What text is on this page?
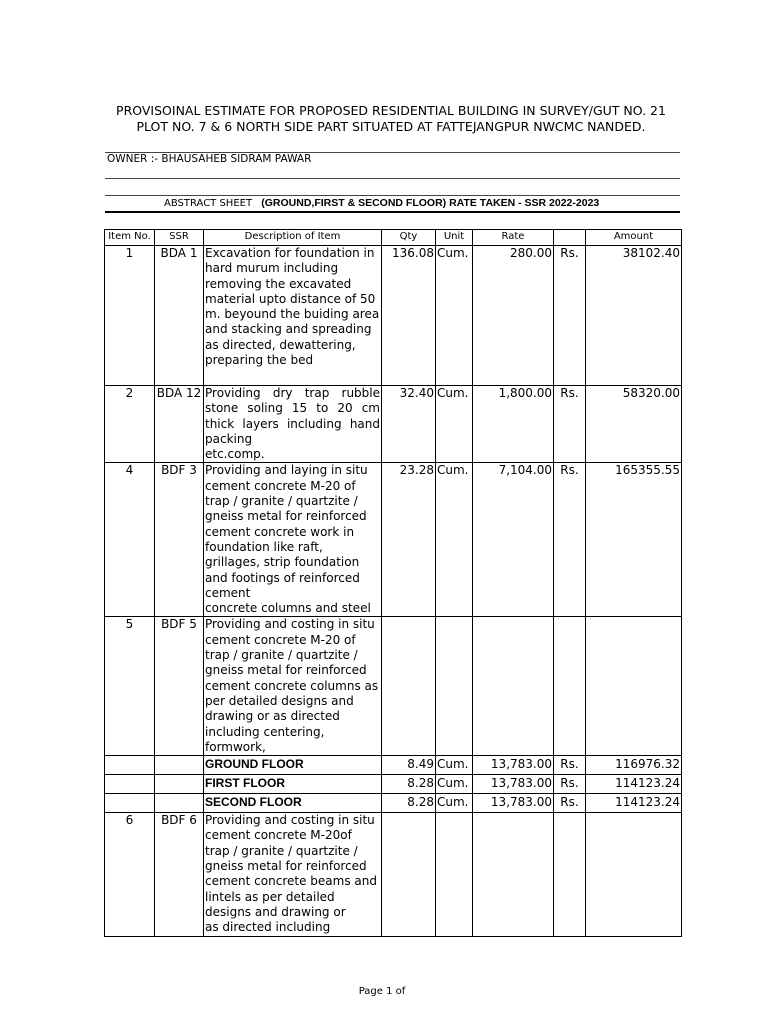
PROVISOINAL ESTIMATE FOR PROPOSED RESIDENTIAL BUILDING IN SURVEY/GUT NO. 21
PLOT NO. 7 & 6 NORTH SIDE PART SITUATED AT FATTEJANGPUR NWCMC NANDED.
OWNER :- BHAUSAHEB SIDRAM PAWAR
ABSTRACT SHEET (GROUND,FIRST & SECOND FLOOR) RATE TAKEN - SSR 2022-2023
Item No.	SSR	Description of Item	Qty	Unit	Rate		Amount
1	BDA 1	Excavation for foundation in hard murum including removing the excavated material upto distance of 50 m. beyound the buiding area and stacking and spreading as directed, dewattering, preparing the bed	136.08	Cum.	280.00	Rs.	38102.40
2	BDA 12	Providing dry trap rubble stone soling 15 to 20 cm thick layers including hand packing
etc.comp.	32.40	Cum.	1,800.00	Rs.	58320.00
4	BDF 3	Providing and laying in situ cement concrete M-20 of trap / granite / quartzite / gneiss metal for reinforced cement concrete work in foundation like raft, grillages, strip foundation and footings of reinforced cement
concrete columns and steel	23.28	Cum.	7,104.00	Rs.	165355.55
5	BDF 5	Providing and costing in situ cement concrete M-20 of trap / granite / quartzite / gneiss metal for reinforced cement concrete columns as per detailed designs and drawing or as directed including centering, formwork,					
		GROUND FLOOR	8.49	Cum.	13,783.00	Rs.	116976.32
		FIRST FLOOR	8.28	Cum.	13,783.00	Rs.	114123.24
		SECOND FLOOR	8.28	Cum.	13,783.00	Rs.	114123.24
6	BDF 6	Providing and costing in situ cement concrete M-20of trap / granite / quartzite / gneiss metal for reinforced cement concrete beams and lintels as per detailed designs and drawing or
as directed including					

Page 1 of
